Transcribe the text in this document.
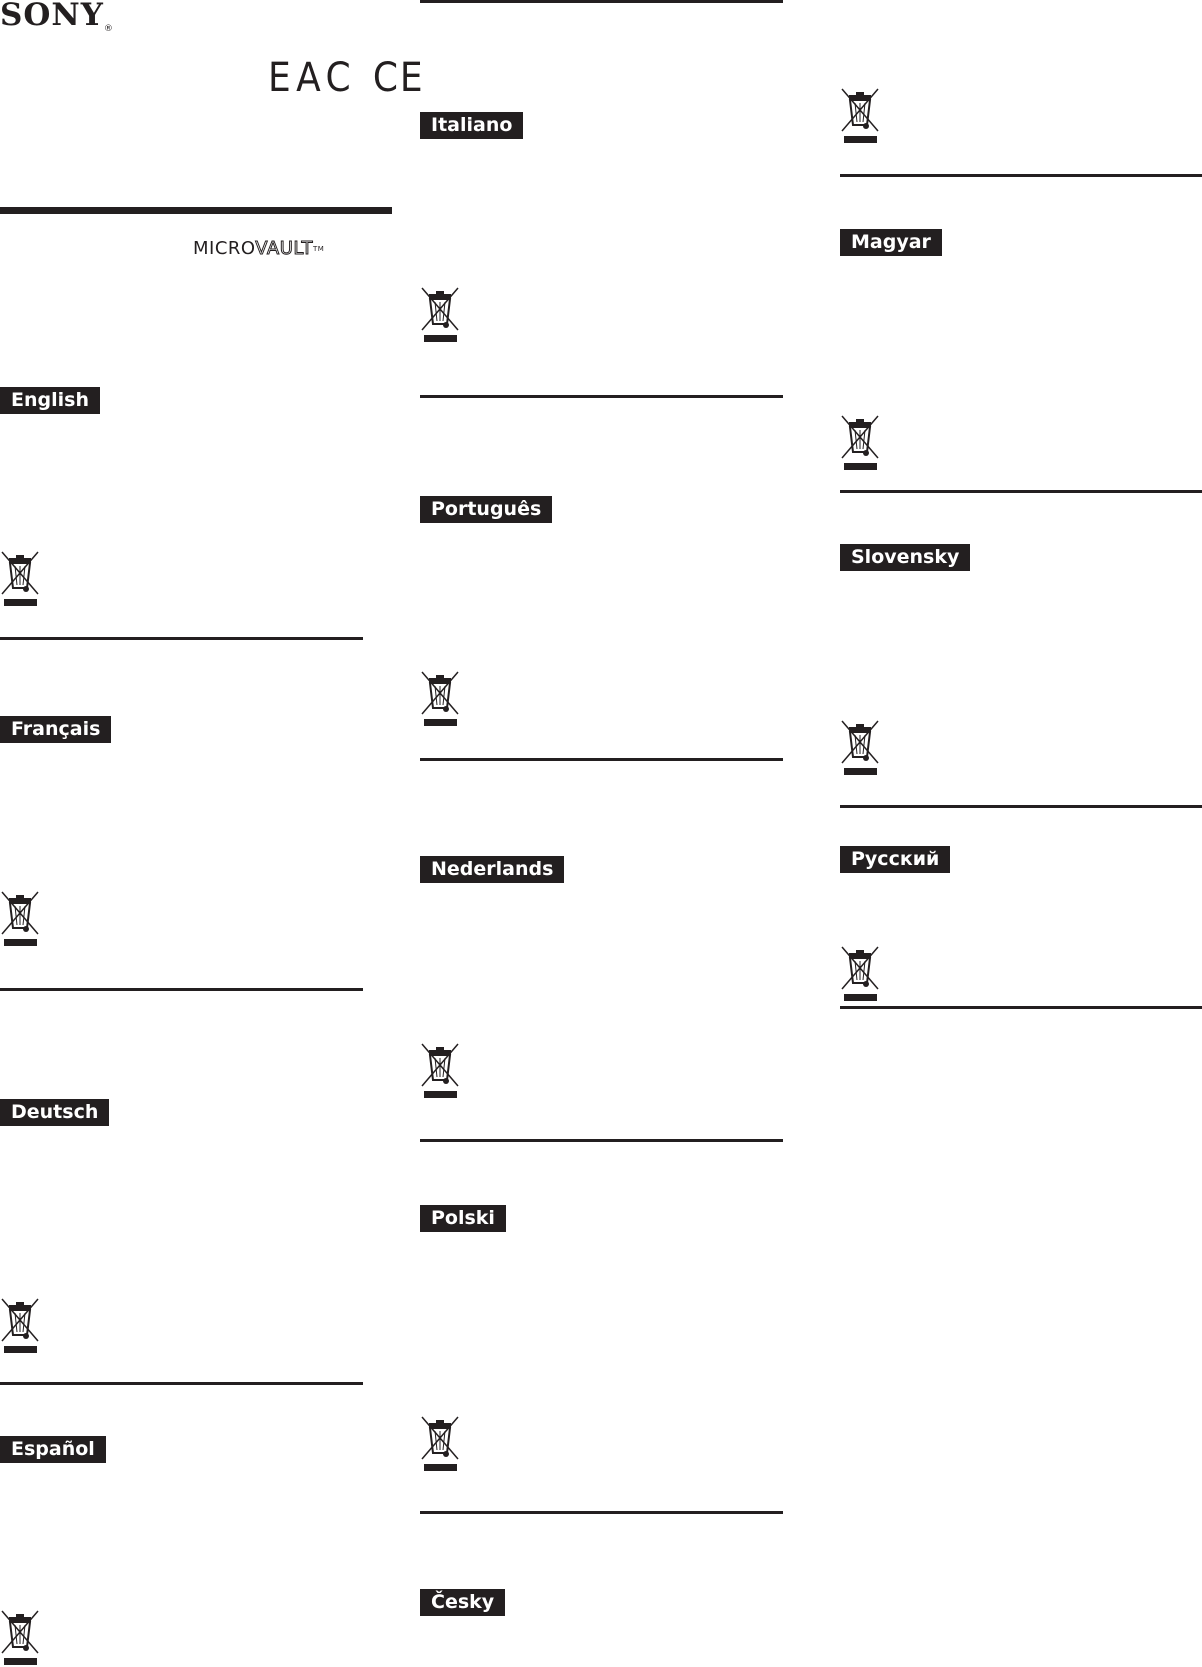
SONY®
EAC CE
MICROVAULT™
English
Français
Deutsch
Español
Italiano
Português
Nederlands
Polski
Česky
Magyar
Slovensky
Русский
